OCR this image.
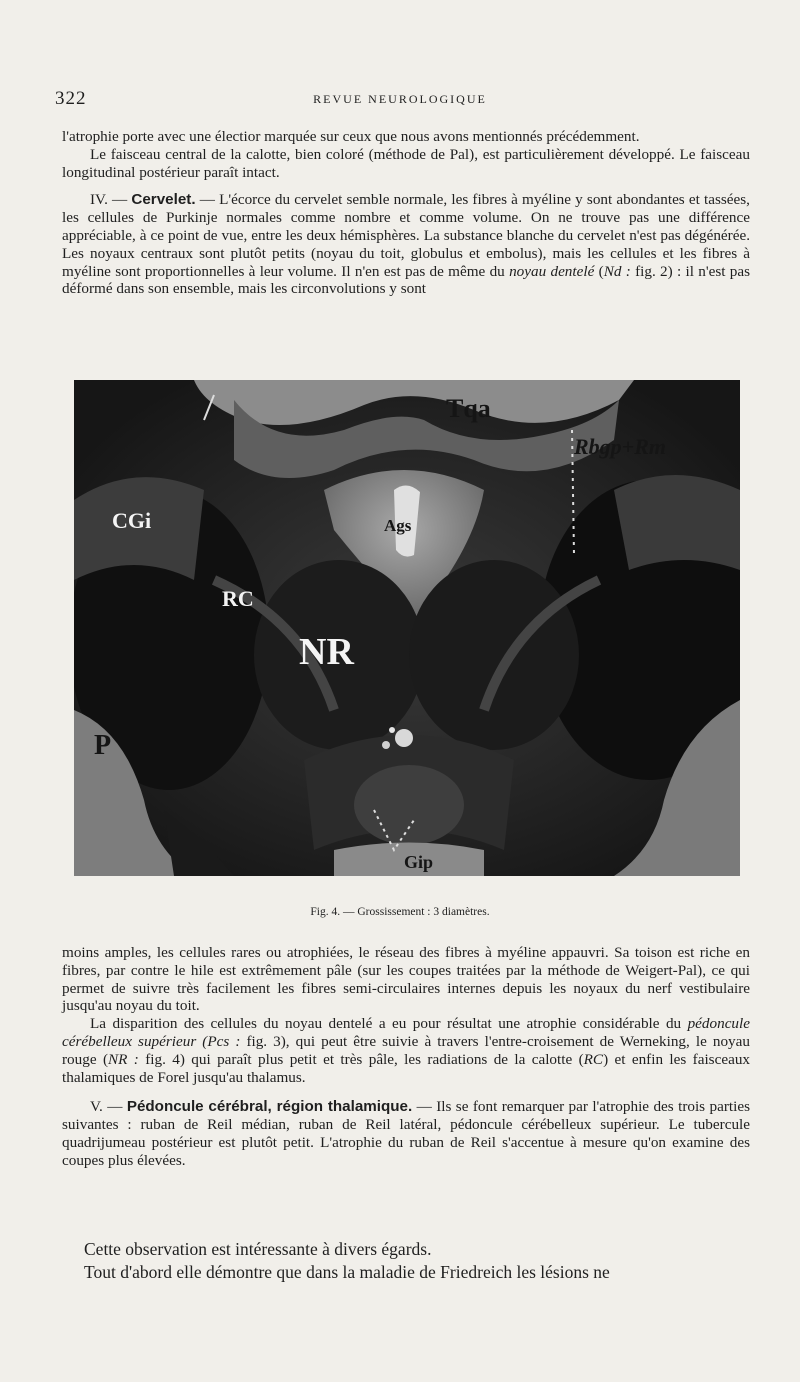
322	REVUE NEUROLOGIQUE

l'atrophie porte avec une électior marquée sur ceux que nous avons mentionnés précédemment.

Le faisceau central de la calotte, bien coloré (méthode de Pal), est particulièrement développé. Le faisceau longitudinal postérieur paraît intact.

IV. — Cervelet. — L'écorce du cervelet semble normale, les fibres à myéline y sont abondantes et tassées, les cellules de Purkinje normales comme nombre et comme volume. On ne trouve pas une différence appréciable, à ce point de vue, entre les deux hémisphères. La substance blanche du cervelet n'est pas dégénérée. Les noyaux centraux sont plutôt petits (noyau du toit, globulus et embolus), mais les cellules et les fibres à myéline sont proportionnelles à leur volume. Il n'en est pas de même du noyau dentelé (Nd : fig. 2) : il n'est pas déformé dans son ensemble, mais les circonvolutions y sont

Tqa
Rbgp+Rm
CGi	Ags
RC
NR
P
Gip
Fig. 4. — Grossissement : 3 diamètres.

moins amples, les cellules rares ou atrophiées, le réseau des fibres à myéline appauvri. Sa toison est riche en fibres, par contre le hile est extrêmement pâle (sur les coupes traitées par la méthode de Weigert-Pal), ce qui permet de suivre très facilement les fibres semi-circulaires internes depuis les noyaux du nerf vestibulaire jusqu'au noyau du toit.

La disparition des cellules du noyau dentelé a eu pour résultat une atrophie considérable du pédoncule cérébelleux supérieur (Pcs : fig. 3), qui peut être suivie à travers l'entre-croisement de Werneking, le noyau rouge (NR : fig. 4) qui paraît plus petit et très pâle, les radiations de la calotte (RC) et enfin les faisceaux thalamiques de Forel jusqu'au thalamus.

V. — Pédoncule cérébral, région thalamique. — Ils se font remarquer par l'atrophie des trois parties suivantes : ruban de Reil médian, ruban de Reil latéral, pédoncule cérébelleux supérieur. Le tubercule quadrijumeau postérieur est plutôt petit. L'atrophie du ruban de Reil s'accentue à mesure qu'on examine des coupes plus élevées.

Cette observation est intéressante à divers égards.

Tout d'abord elle démontre que dans la maladie de Friedreich les lésions ne
